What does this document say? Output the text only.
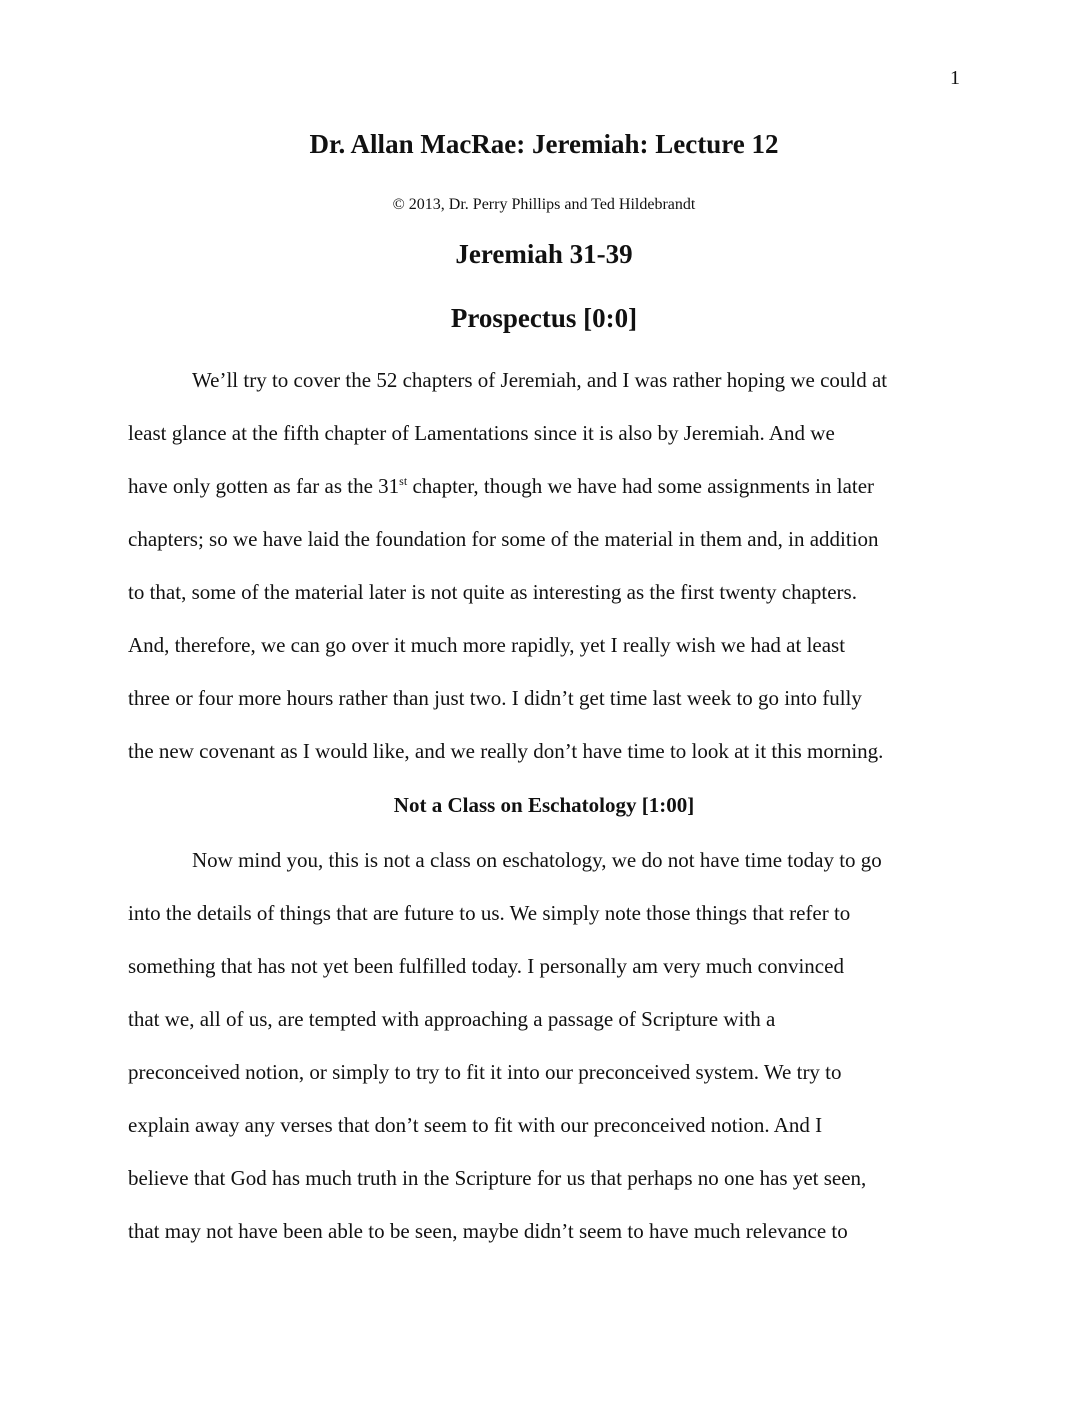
1
Dr. Allan MacRae: Jeremiah: Lecture 12
© 2013, Dr. Perry Phillips and Ted Hildebrandt
Jeremiah 31-39
Prospectus [0:0]
We’ll try to cover the 52 chapters of Jeremiah, and I was rather hoping we could at
least glance at the fifth chapter of Lamentations since it is also by Jeremiah. And we
have only gotten as far as the 31st chapter, though we have had some assignments in later
chapters; so we have laid the foundation for some of the material in them and, in addition
to that, some of the material later is not quite as interesting as the first twenty chapters.
And, therefore, we can go over it much more rapidly, yet I really wish we had at least
three or four more hours rather than just two. I didn’t get time last week to go into fully
the new covenant as I would like, and we really don’t have time to look at it this morning.
Not a Class on Eschatology [1:00]
Now mind you, this is not a class on eschatology, we do not have time today to go
into the details of things that are future to us. We simply note those things that refer to
something that has not yet been fulfilled today. I personally am very much convinced
that we, all of us, are tempted with approaching a passage of Scripture with a
preconceived notion, or simply to try to fit it into our preconceived system. We try to
explain away any verses that don’t seem to fit with our preconceived notion. And I
believe that God has much truth in the Scripture for us that perhaps no one has yet seen,
that may not have been able to be seen, maybe didn’t seem to have much relevance to
